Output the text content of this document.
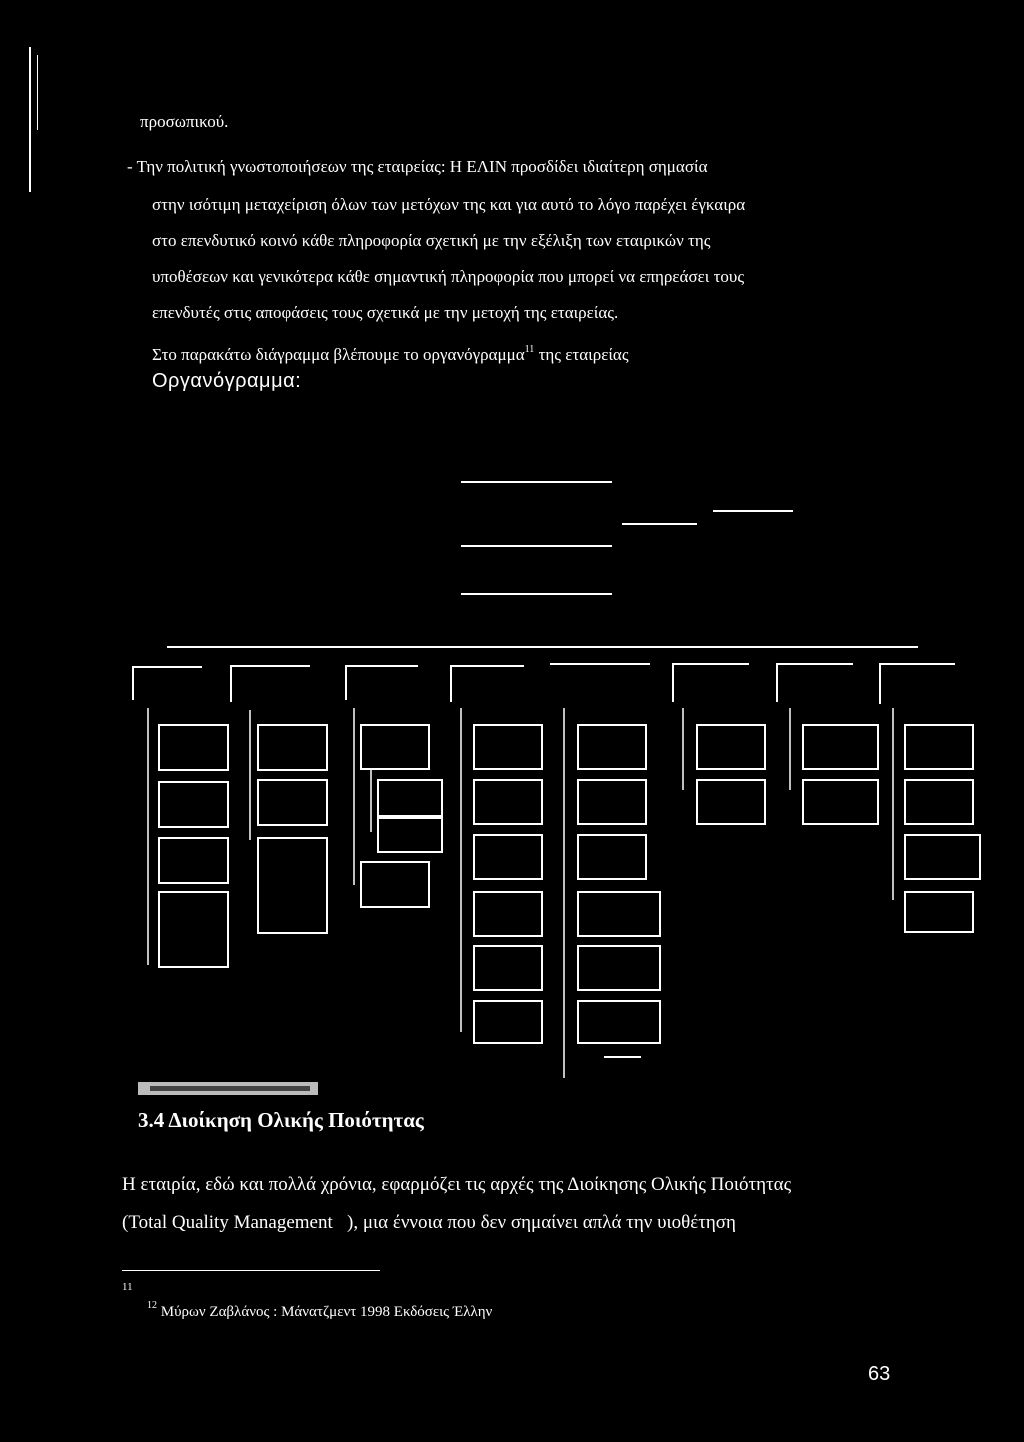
προσωπικού.
- Την πολιτική γνωστοποιήσεων της εταιρείας: Η ΕΛΙΝ προσδίδει ιδιαίτερη σημασία
στην ισότιμη μεταχείριση όλων των μετόχων της και για αυτό το λόγο παρέχει έγκαιρα
στο επενδυτικό κοινό κάθε πληροφορία σχετική με την εξέλιξη των εταιρικών της
υποθέσεων και γενικότερα κάθε σημαντική πληροφορία που μπορεί να επηρεάσει τους
επενδυτές στις αποφάσεις τους σχετικά με την μετοχή της εταιρείας.
Στο παρακάτω διάγραμμα βλέπουμε το οργανόγραμμα$^{11}$ της εταιρείας
Οργανόγραμμα:
3.4 Διοίκηση Ολικής Ποιότητας
Η εταιρία, εδώ και πολλά χρόνια, εφαρμόζει τις αρχές της Διοίκησης Ολικής Ποιότητας
(Total Quality Management   ), μια έννοια που δεν σημαίνει απλά την υιοθέτηση
11
$^{12}$ Μύρων Ζαβλάνος : Μάνατζμεντ 1998 Εκδόσεις Έλλην
63
